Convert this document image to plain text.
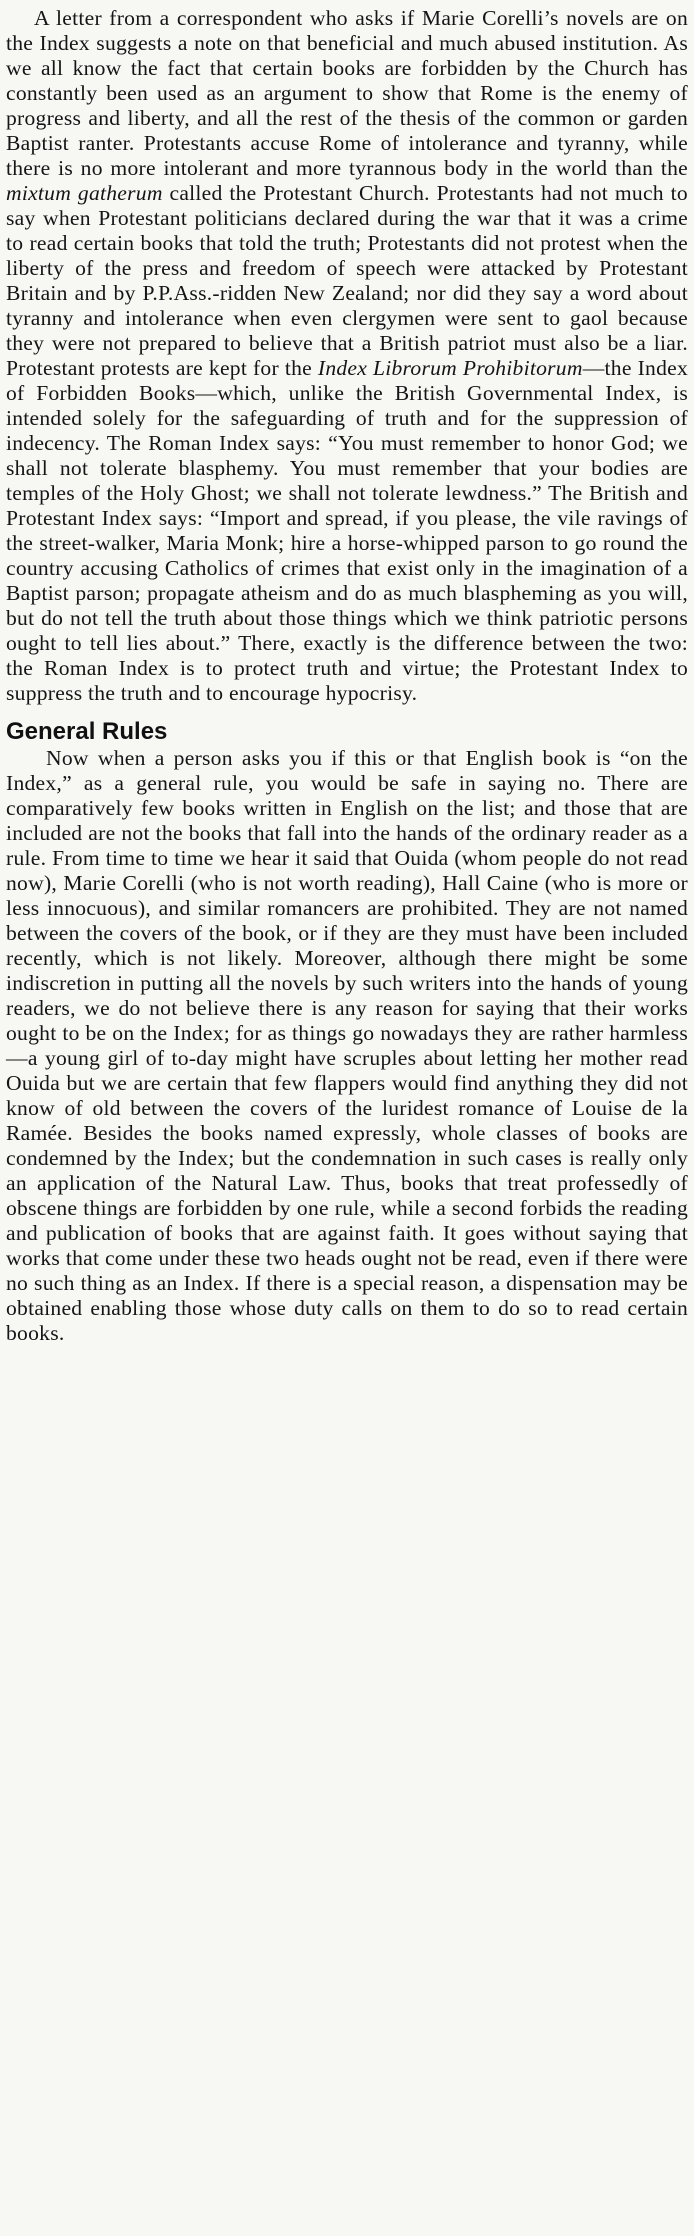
A letter from a correspondent who asks if Marie Corelli’s novels are on the Index suggests a note on that beneficial and much abused institution. As we all know the fact that certain books are forbidden by the Church has constantly been used as an argument to show that Rome is the enemy of progress and liberty, and all the rest of the thesis of the common or garden Baptist ranter. Protestants accuse Rome of intolerance and tyranny, while there is no more intolerant and more tyrannous body in the world than the mixtum gatherum called the Protestant Church. Protestants had not much to say when Protestant politicians declared during the war that it was a crime to read certain books that told the truth; Protestants did not protest when the liberty of the press and freedom of speech were attacked by Protestant Britain and by P.P.Ass.-ridden New Zealand; nor did they say a word about tyranny and intolerance when even clergymen were sent to gaol because they were not prepared to believe that a British patriot must also be a liar. Protestant protests are kept for the Index Librorum Prohibitorum—the Index of Forbidden Books—which, unlike the British Governmental Index, is intended solely for the safeguarding of truth and for the suppression of indecency. The Roman Index says: “You must remember to honor God; we shall not tolerate blasphemy. You must remember that your bodies are temples of the Holy Ghost; we shall not tolerate lewdness.” The British and Protestant Index says: “Import and spread, if you please, the vile ravings of the street-walker, Maria Monk; hire a horse-whipped parson to go round the country accusing Catholics of crimes that exist only in the imagination of a Baptist parson; propagate atheism and do as much blaspheming as you will, but do not tell the truth about those things which we think patriotic persons ought to tell lies about.” There, exactly is the difference between the two: the Roman Index is to protect truth and virtue; the Protestant Index to suppress the truth and to encourage hypocrisy.

General Rules

Now when a person asks you if this or that English book is “on the Index,” as a general rule, you would be safe in saying no. There are comparatively few books written in English on the list; and those that are included are not the books that fall into the hands of the ordinary reader as a rule. From time to time we hear it said that Ouida (whom people do not read now), Marie Corelli (who is not worth reading), Hall Caine (who is more or less innocuous), and similar romancers are prohibited. They are not named between the covers of the book, or if they are they must have been included recently, which is not likely. Moreover, although there might be some indiscretion in putting all the novels by such writers into the hands of young readers, we do not believe there is any reason for saying that their works ought to be on the Index; for as things go nowadays they are rather harmless—a young girl of to-day might have scruples about letting her mother read Ouida but we are certain that few flappers would find anything they did not know of old between the covers of the luridest romance of Louise de la Ramée. Besides the books named expressly, whole classes of books are condemned by the Index; but the condemnation in such cases is really only an application of the Natural Law. Thus, books that treat professedly of obscene things are forbidden by one rule, while a second forbids the reading and publication of books that are against faith. It goes without saying that works that come under these two heads ought not be read, even if there were no such thing as an Index. If there is a special reason, a dispensation may be obtained enabling those whose duty calls on them to do so to read certain books.
